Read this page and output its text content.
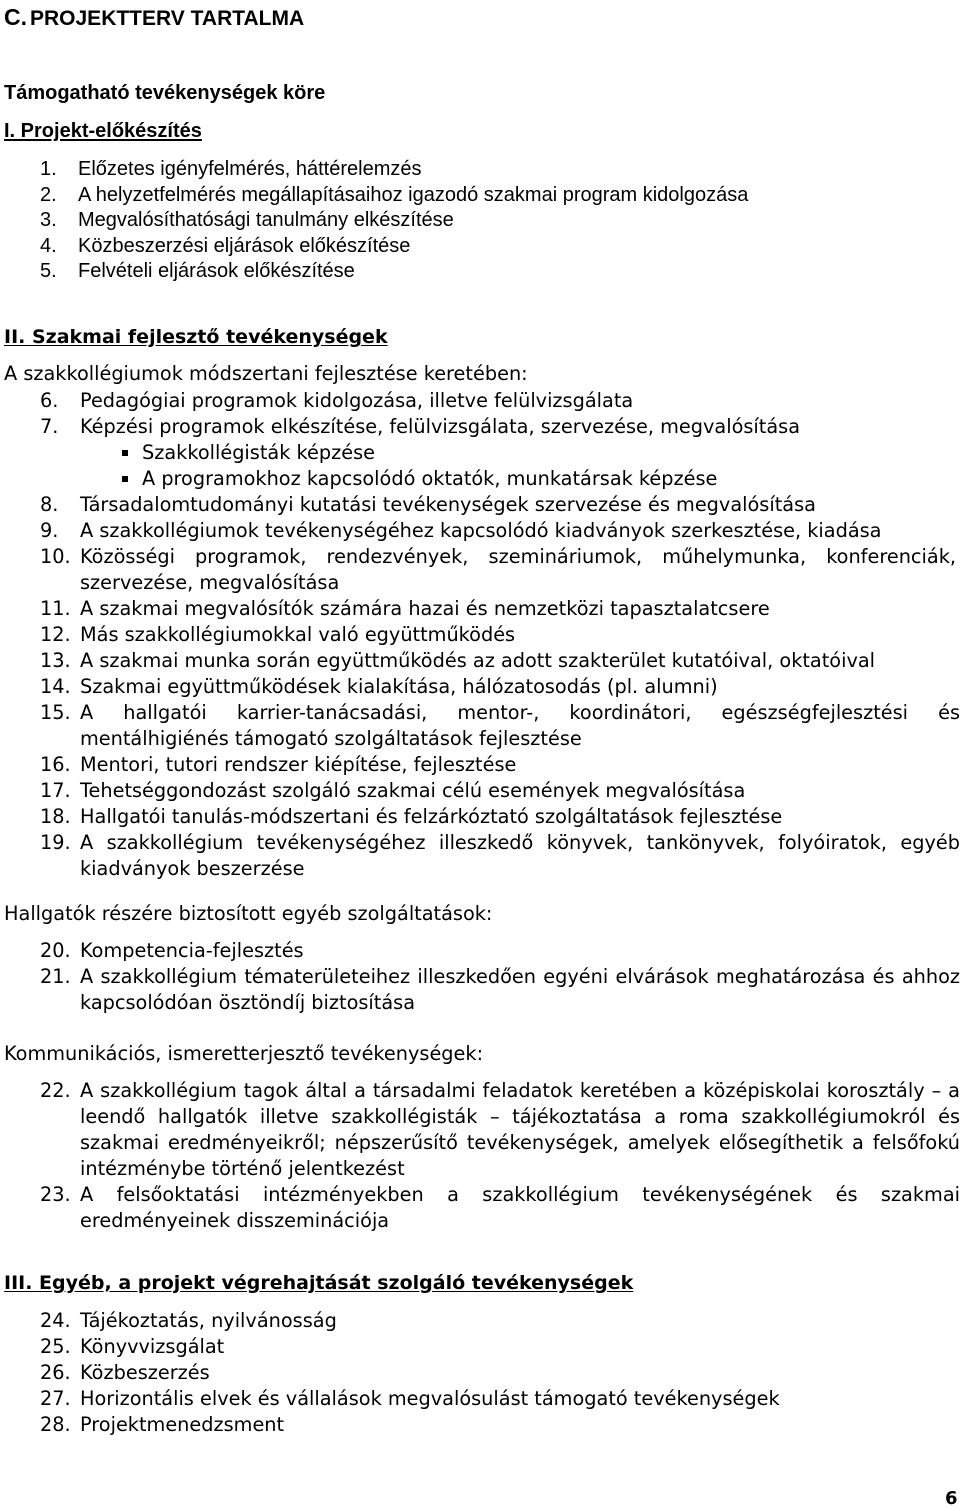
C. PROJEKTTERV TARTALMA
Támogatható tevékenységek köre
I. Projekt-előkészítés
1. Előzetes igényfelmérés, háttérelemzés
2. A helyzetfelmérés megállapításaihoz igazodó szakmai program kidolgozása
3. Megvalósíthatósági tanulmány elkészítése
4. Közbeszerzési eljárások előkészítése
5. Felvételi eljárások előkészítése
II. Szakmai fejlesztő tevékenységek
A szakkollégiumok módszertani fejlesztése keretében:
6. Pedagógiai programok kidolgozása, illetve felülvizsgálata
7. Képzési programok elkészítése, felülvizsgálata, szervezése, megvalósítása
Szakkollégisták képzése
A programokhoz kapcsolódó oktatók, munkatársak képzése
8. Társadalomtudományi kutatási tevékenységek szervezése és megvalósítása
9. A szakkollégiumok tevékenységéhez kapcsolódó kiadványok szerkesztése, kiadása
10. Közösségi programok, rendezvények, szemináriumok, műhelymunka, konferenciák, szervezése, megvalósítása
11. A szakmai megvalósítók számára hazai és nemzetközi tapasztalatcsere
12. Más szakkollégiumokkal való együttműködés
13. A szakmai munka során együttműködés az adott szakterület kutatóival, oktatóival
14. Szakmai együttműködések kialakítása, hálózatosodás (pl. alumni)
15. A hallgatói karrier-tanácsadási, mentor-, koordinátori, egészségfejlesztési és mentálhigiénés támogató szolgáltatások fejlesztése
16. Mentori, tutori rendszer kiépítése, fejlesztése
17. Tehetséggondozást szolgáló szakmai célú események megvalósítása
18. Hallgatói tanulás-módszertani és felzárkóztató szolgáltatások fejlesztése
19. A szakkollégium tevékenységéhez illeszkedő könyvek, tankönyvek, folyóiratok, egyéb kiadványok beszerzése
Hallgatók részére biztosított egyéb szolgáltatások:
20. Kompetencia-fejlesztés
21. A szakkollégium tématerületeihez illeszkedően egyéni elvárások meghatározása és ahhoz kapcsolódóan ösztöndíj biztosítása
Kommunikációs, ismeretterjesztő tevékenységek:
22. A szakkollégium tagok által a társadalmi feladatok keretében a középiskolai korosztály – a leendő hallgatók illetve szakkollégisták – tájékoztatása a roma szakkollégiumokról és szakmai eredményeikről; népszerűsítő tevékenységek, amelyek elősegíthetik a felsőfokú intézménybe történő jelentkezést
23. A felsőoktatási intézményekben a szakkollégium tevékenységének és szakmai eredményeinek disszeminációja
III. Egyéb, a projekt végrehajtását szolgáló tevékenységek
24. Tájékoztatás, nyilvánosság
25. Könyvvizsgálat
26. Közbeszerzés
27. Horizontális elvek és vállalások megvalósulást támogató tevékenységek
28. Projektmenedzsment
6
